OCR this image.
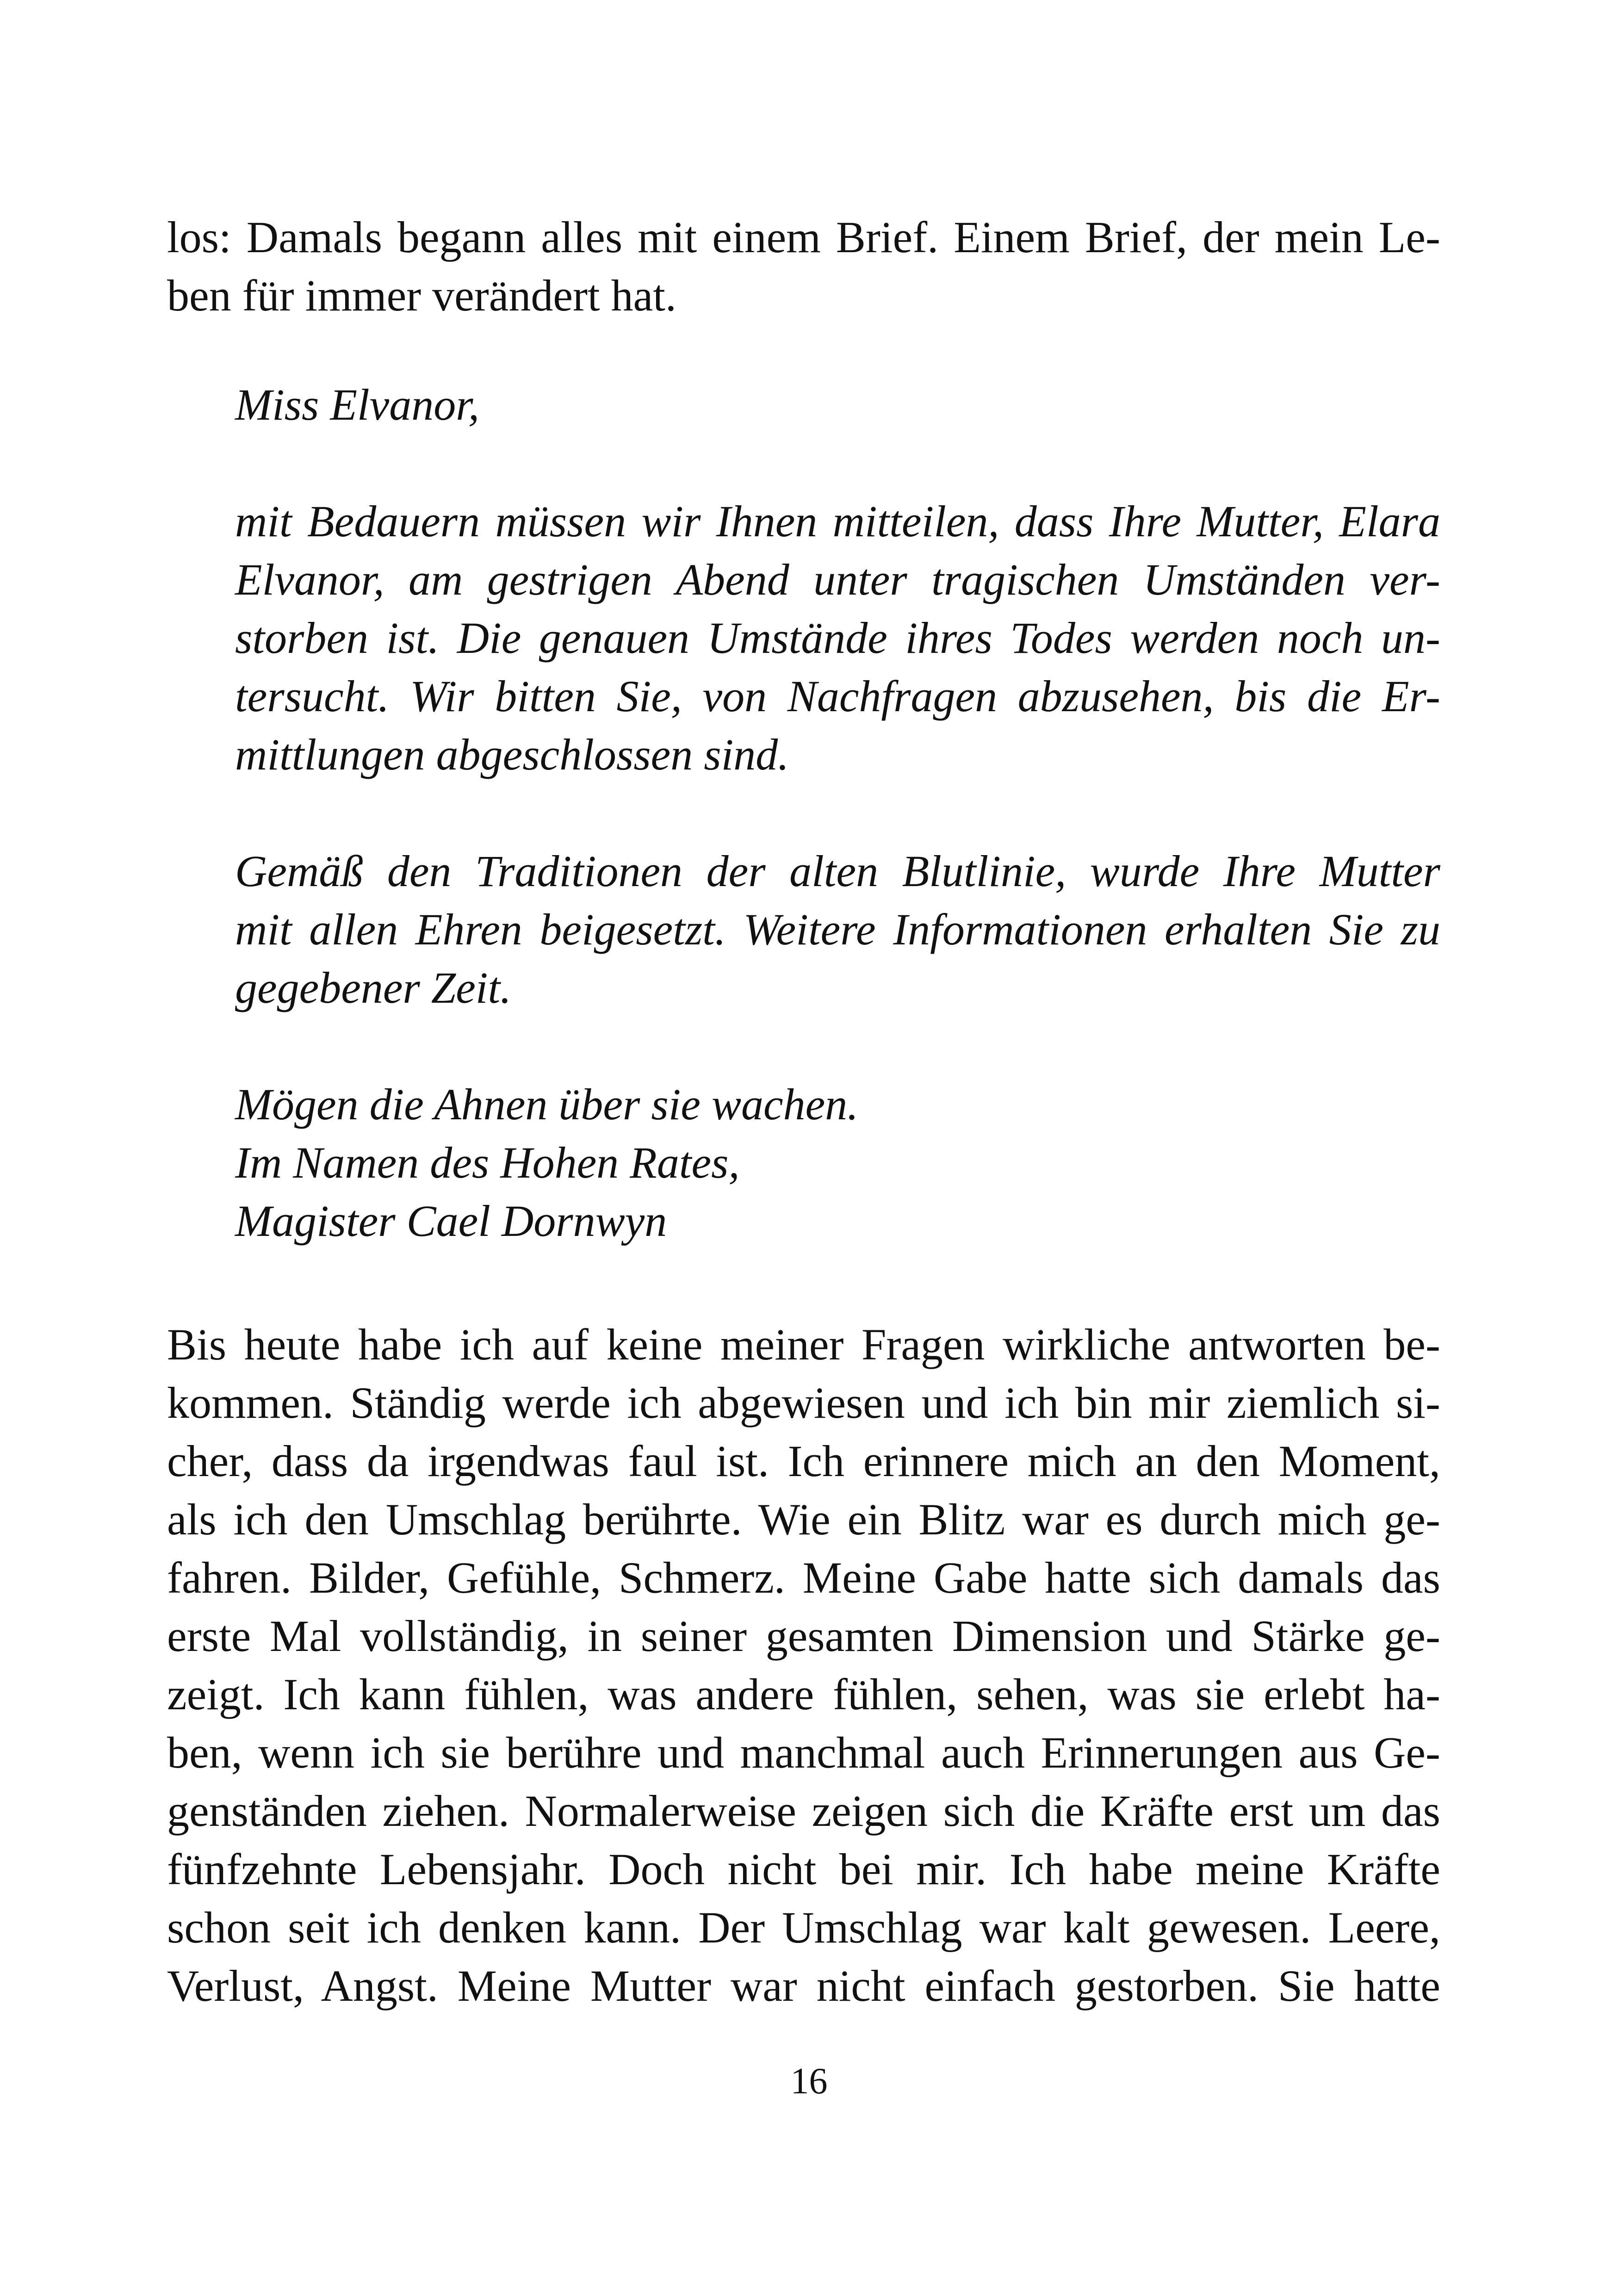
los: Damals begann alles mit einem Brief. Einem Brief, der mein Le-
ben für immer verändert hat.
Miss Elvanor,
mit Bedauern müssen wir Ihnen mitteilen, dass Ihre Mutter, Elara
Elvanor, am gestrigen Abend unter tragischen Umständen ver-
storben ist. Die genauen Umstände ihres Todes werden noch un-
tersucht. Wir bitten Sie, von Nachfragen abzusehen, bis die Er-
mittlungen abgeschlossen sind.
Gemäß den Traditionen der alten Blutlinie, wurde Ihre Mutter
mit allen Ehren beigesetzt. Weitere Informationen erhalten Sie zu
gegebener Zeit.
Mögen die Ahnen über sie wachen.
Im Namen des Hohen Rates,
Magister Cael Dornwyn
Bis heute habe ich auf keine meiner Fragen wirkliche antworten be-
kommen. Ständig werde ich abgewiesen und ich bin mir ziemlich si-
cher, dass da irgendwas faul ist. Ich erinnere mich an den Moment,
als ich den Umschlag berührte. Wie ein Blitz war es durch mich ge-
fahren. Bilder, Gefühle, Schmerz. Meine Gabe hatte sich damals das
erste Mal vollständig, in seiner gesamten Dimension und Stärke ge-
zeigt. Ich kann fühlen, was andere fühlen, sehen, was sie erlebt ha-
ben, wenn ich sie berühre und manchmal auch Erinnerungen aus Ge-
genständen ziehen. Normalerweise zeigen sich die Kräfte erst um das
fünfzehnte Lebensjahr. Doch nicht bei mir. Ich habe meine Kräfte
schon seit ich denken kann. Der Umschlag war kalt gewesen. Leere,
Verlust, Angst. Meine Mutter war nicht einfach gestorben. Sie hatte
16
